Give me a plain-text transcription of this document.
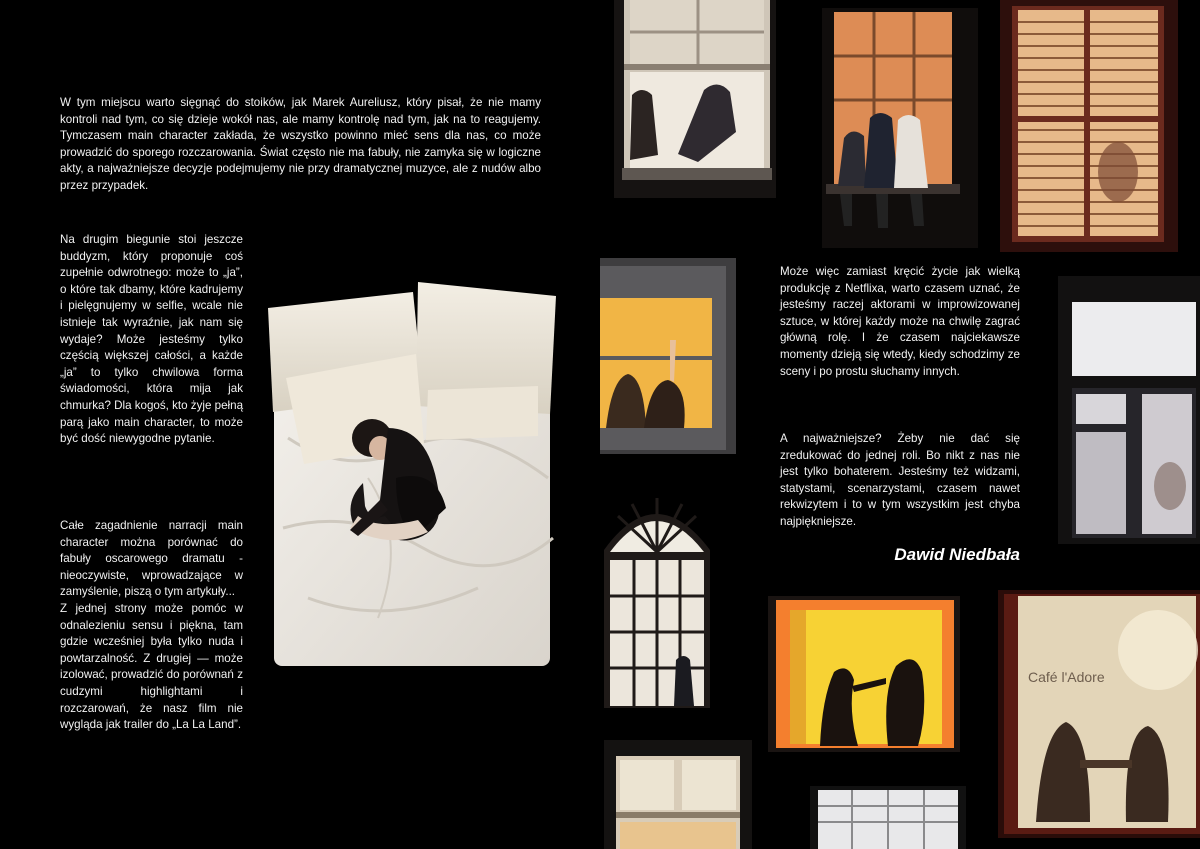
W tym miejscu warto sięgnąć do stoików, jak Marek Aureliusz, który pisał, że nie mamy kontroli nad tym, co się dzieje wokół nas, ale mamy kontrolę nad tym, jak na to reagujemy. Tymczasem main character zakłada, że wszystko powinno mieć sens dla nas, co może prowadzić do sporego rozczarowania. Świat często nie ma fabuły, nie zamyka się w logiczne akty, a najważniejsze decyzje podejmujemy nie przy dramatycznej muzyce, ale z nudów albo przez przypadek.
Na drugim biegunie stoi jeszcze buddyzm, który proponuje coś zupełnie odwrotnego: może to „ja”, o które tak dbamy, które kadrujemy i pielęgnujemy w selfie, wcale nie istnieje tak wyraźnie, jak nam się wydaje? Może jesteśmy tylko częścią większej całości, a każde „ja” to tylko chwilowa forma świadomości, która mija jak chmurka? Dla kogoś, kto żyje pełną parą jako main character, to może być dość niewygodne pytanie.
Całe zagadnienie narracji main character można porównać do fabuły oscarowego dramatu - nieoczywiste, wprowadzające w zamyślenie, piszą o tym artykuły...
Z jednej strony może pomóc w odnalezieniu sensu i piękna, tam gdzie wcześniej była tylko nuda i powtarzalność. Z drugiej — może izolować, prowadzić do porównań z cudzymi highlightami i rozczarowań, że nasz film nie wygląda jak trailer do „La La Land”.
Może więc zamiast kręcić życie jak wielką produkcję z Netflixa, warto czasem uznać, że jesteśmy raczej aktorami w improwizowanej sztuce, w której każdy może na chwilę zagrać główną rolę. I że czasem najciekawsze momenty dzieją się wtedy, kiedy schodzimy ze sceny i po prostu słuchamy innych.
A najważniejsze? Żeby nie dać się zredukować do jednej roli. Bo nikt z nas nie jest tylko bohaterem. Jesteśmy też widzami, statystami, scenarzystami, czasem nawet rekwizytem i to w tym wszystkim jest chyba najpiękniejsze.
Dawid Niedbała
Café l'Adore
